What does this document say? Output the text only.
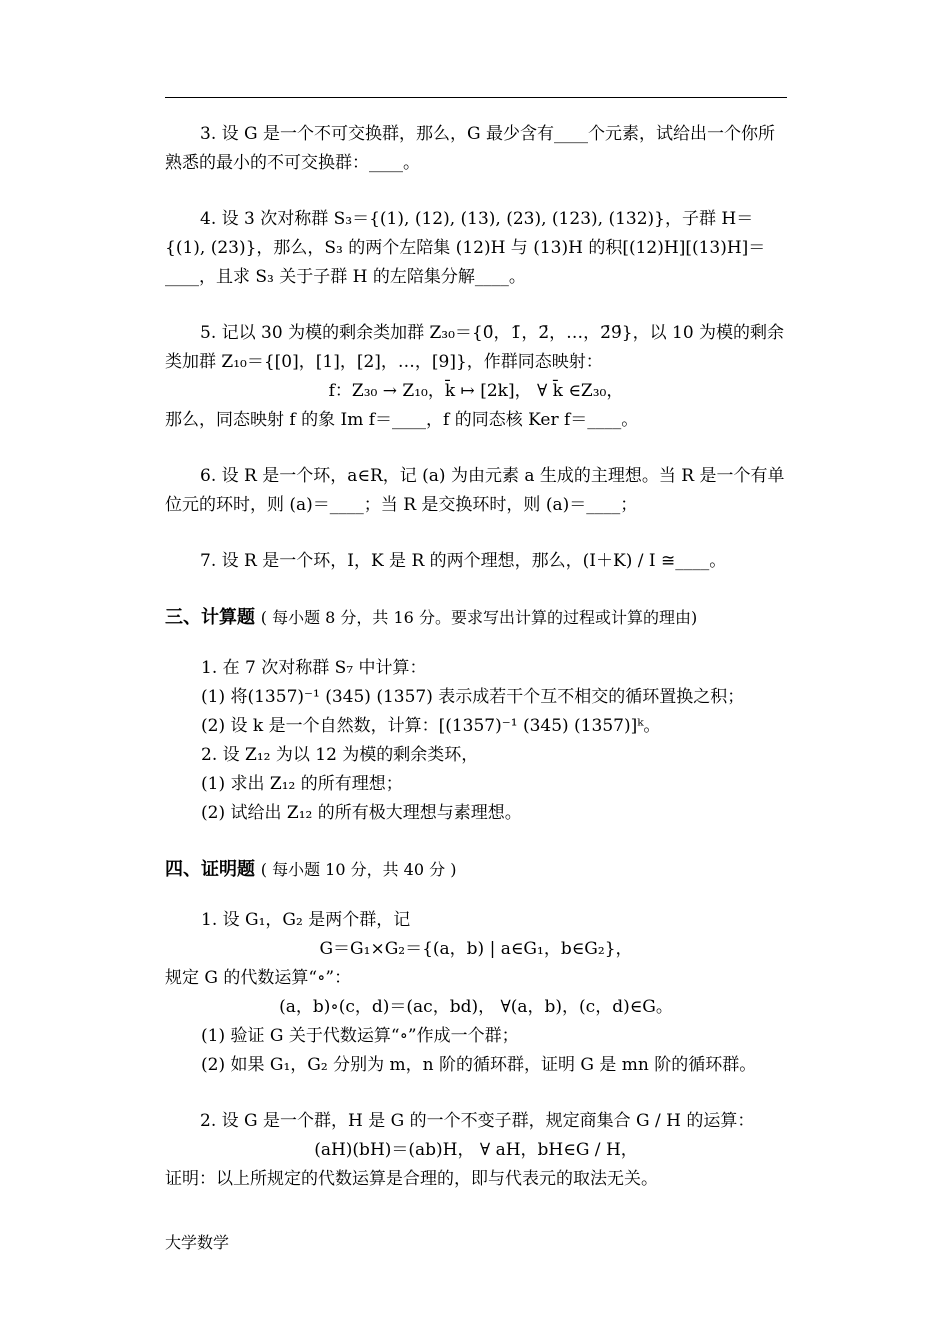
3. 设 G 是一个不可交换群，那么，G 最少含有____个元素，试给出一个你所熟悉的最小的不可交换群：____。

4. 设 3 次对称群 S₃＝{(1), (12), (13), (23), (123), (132)}，子群 H＝{(1), (23)}，那么，S₃ 的两个左陪集 (12)H 与 (13)H 的积[(12)H][(13)H]＝____，且求 S₃ 关于子群 H 的左陪集分解____。

5. 记以 30 为模的剩余类加群 Z₃₀＝{0̄，1̄，2̄，…，2̄9̄}，以 10 为模的剩余类加群 Z₁₀＝{[0]，[1]，[2]，…，[9]}，作群同态映射：

f：Z₃₀ → Z₁₀，k̄ ↦ [2k]， ∀ k̄ ∈Z₃₀，

那么，同态映射 f 的象 Im f＝____，f 的同态核 Ker f＝____。

6. 设 R 是一个环，a∈R，记 (a) 为由元素 a 生成的主理想。当 R 是一个有单位元的环时，则 (a)＝____；当 R 是交换环时，则 (a)＝____；

7. 设 R 是一个环，I，K 是 R 的两个理想，那么，(I＋K) / I ≅____。

三、计算题 ( 每小题 8 分，共 16 分。要求写出计算的过程或计算的理由)

1. 在 7 次对称群 S₇ 中计算：

(1) 将(1357)⁻¹ (345) (1357) 表示成若干个互不相交的循环置换之积；

(2) 设 k 是一个自然数，计算：[(1357)⁻¹ (345) (1357)]ᵏ。

2. 设 Z₁₂ 为以 12 为模的剩余类环，

(1) 求出 Z₁₂ 的所有理想；

(2) 试给出 Z₁₂ 的所有极大理想与素理想。

四、证明题 ( 每小题 10 分，共 40 分 )

1. 设 G₁，G₂ 是两个群，记

G＝G₁×G₂＝{(a，b) | a∈G₁，b∈G₂}，

规定 G 的代数运算“∘”：

(a，b)∘(c，d)＝(ac，bd)， ∀(a，b)，(c，d)∈G。

(1) 验证 G 关于代数运算“∘”作成一个群；

(2) 如果 G₁，G₂ 分别为 m，n 阶的循环群，证明 G 是 mn 阶的循环群。

2. 设 G 是一个群，H 是 G 的一个不变子群，规定商集合 G / H 的运算：

(aH)(bH)＝(ab)H， ∀ aH，bH∈G / H，

证明：以上所规定的代数运算是合理的，即与代表元的取法无关。

大学数学
